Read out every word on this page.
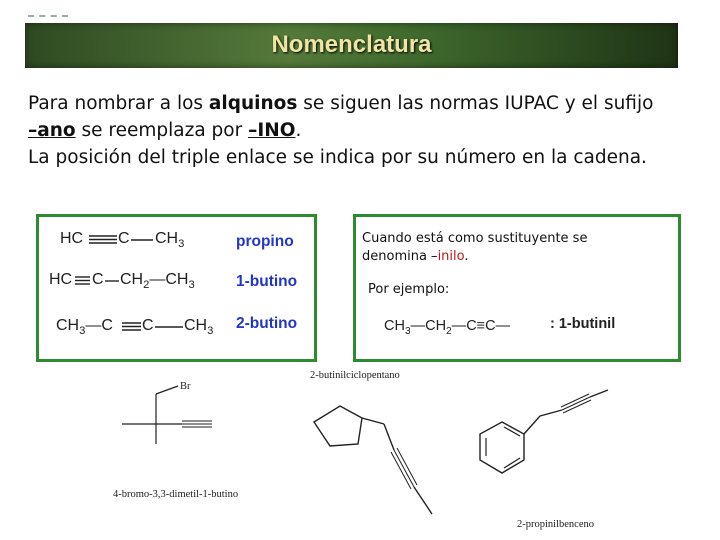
Nomenclatura

Para nombrar a los alquinos se siguen las normas IUPAC y el sufijo

–ano se reemplaza por –INO.

La posición del triple enlace se indica por su número en la cadena.

HC C $CH_3$	propino
HC C $CH_2—CH_3$	1-butino
$CH_3—C$ C $CH_3$ 2-butino
Cuando está como sustituyente se denomina –inilo.
Por ejemplo:
$CH_3—CH_2—C\equiv C—$	: 1-butinil
Br
4-bromo-3,3-dimetil-1-butino
2-butinilciclopentano
2-propinilbenceno
